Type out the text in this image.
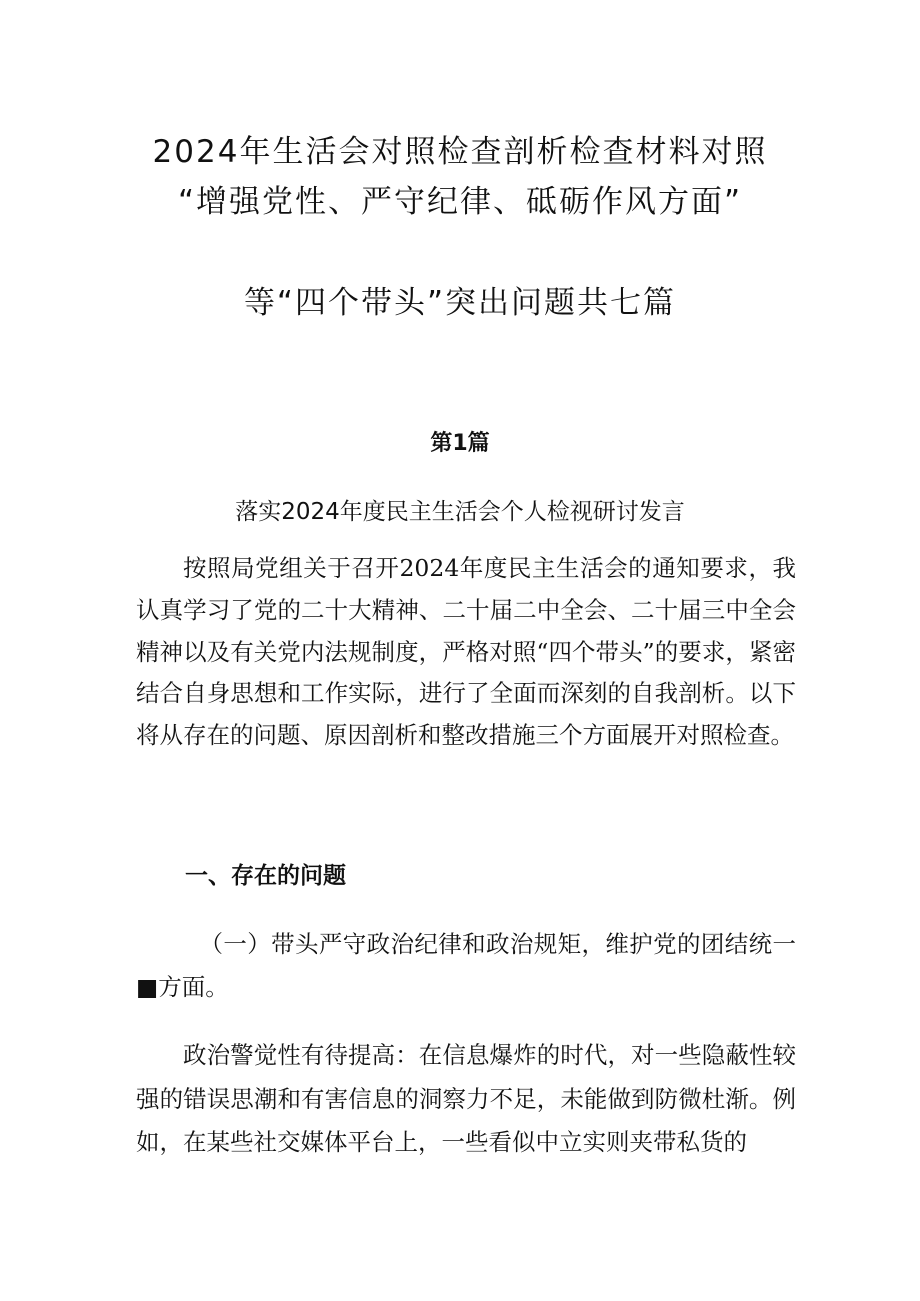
2024年生活会对照检查剖析检查材料对照
“增强党性、严守纪律、砥砺作风方面”
等“四个带头”突出问题共七篇
第1篇
落实2024年度民主生活会个人检视研讨发言

按照局党组关于召开2024年度民主生活会的通知要求，我认真学习了党的二十大精神、二十届二中全会、二十届三中全会精神以及有关党内法规制度，严格对照“四个带头”的要求，紧密结合自身思想和工作实际，进行了全面而深刻的自我剖析。以下将从存在的问题、原因剖析和整改措施三个方面展开对照检查。

一、存在的问题

（一）带头严守政治纪律和政治规矩，维护党的团结统一■方面。

政治警觉性有待提高：在信息爆炸的时代，对一些隐蔽性较强的错误思潮和有害信息的洞察力不足，未能做到防微杜渐。例如，在某些社交媒体平台上，一些看似中立实则夹带私货的
